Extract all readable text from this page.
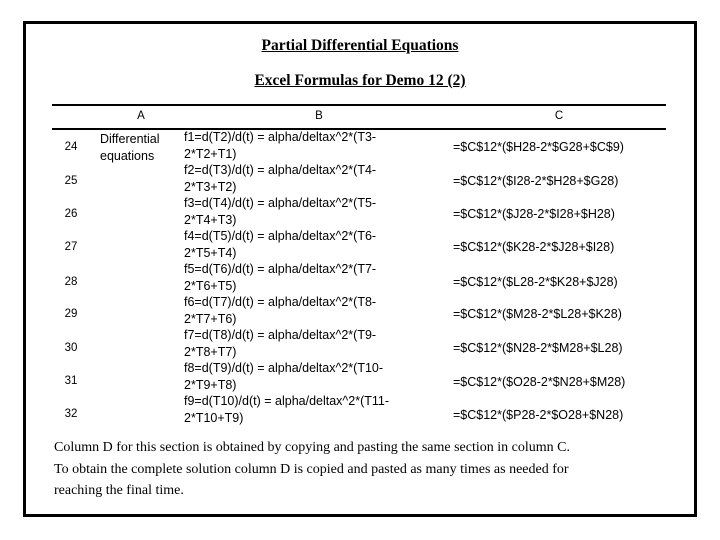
Partial Differential Equations
Excel Formulas for Demo 12 (2)
A	B	C
24
25
26
27
28
29
30
31
32
Differential
equations
f1=d(T2)/d(t) = alpha/deltax^2*(T3-
2*T2+T1)
f2=d(T3)/d(t) = alpha/deltax^2*(T4-
2*T3+T2)
f3=d(T4)/d(t) = alpha/deltax^2*(T5-
2*T4+T3)
f4=d(T5)/d(t) = alpha/deltax^2*(T6-
2*T5+T4)
f5=d(T6)/d(t) = alpha/deltax^2*(T7-
2*T6+T5)
f6=d(T7)/d(t) = alpha/deltax^2*(T8-
2*T7+T6)
f7=d(T8)/d(t) = alpha/deltax^2*(T9-
2*T8+T7)
f8=d(T9)/d(t) = alpha/deltax^2*(T10-
2*T9+T8)
f9=d(T10)/d(t) = alpha/deltax^2*(T11-
2*T10+T9)
=$C$12*($H28-2*$G28+$C$9)
=$C$12*($I28-2*$H28+$G28)
=$C$12*($J28-2*$I28+$H28)
=$C$12*($K28-2*$J28+$I28)
=$C$12*($L28-2*$K28+$J28)
=$C$12*($M28-2*$L28+$K28)
=$C$12*($N28-2*$M28+$L28)
=$C$12*($O28-2*$N28+$M28)
=$C$12*($P28-2*$O28+$N28)
Column D for this section is obtained by copying and pasting the same section in column C.
To obtain the complete solution column D is copied and pasted as many times as needed for
reaching the final time.
